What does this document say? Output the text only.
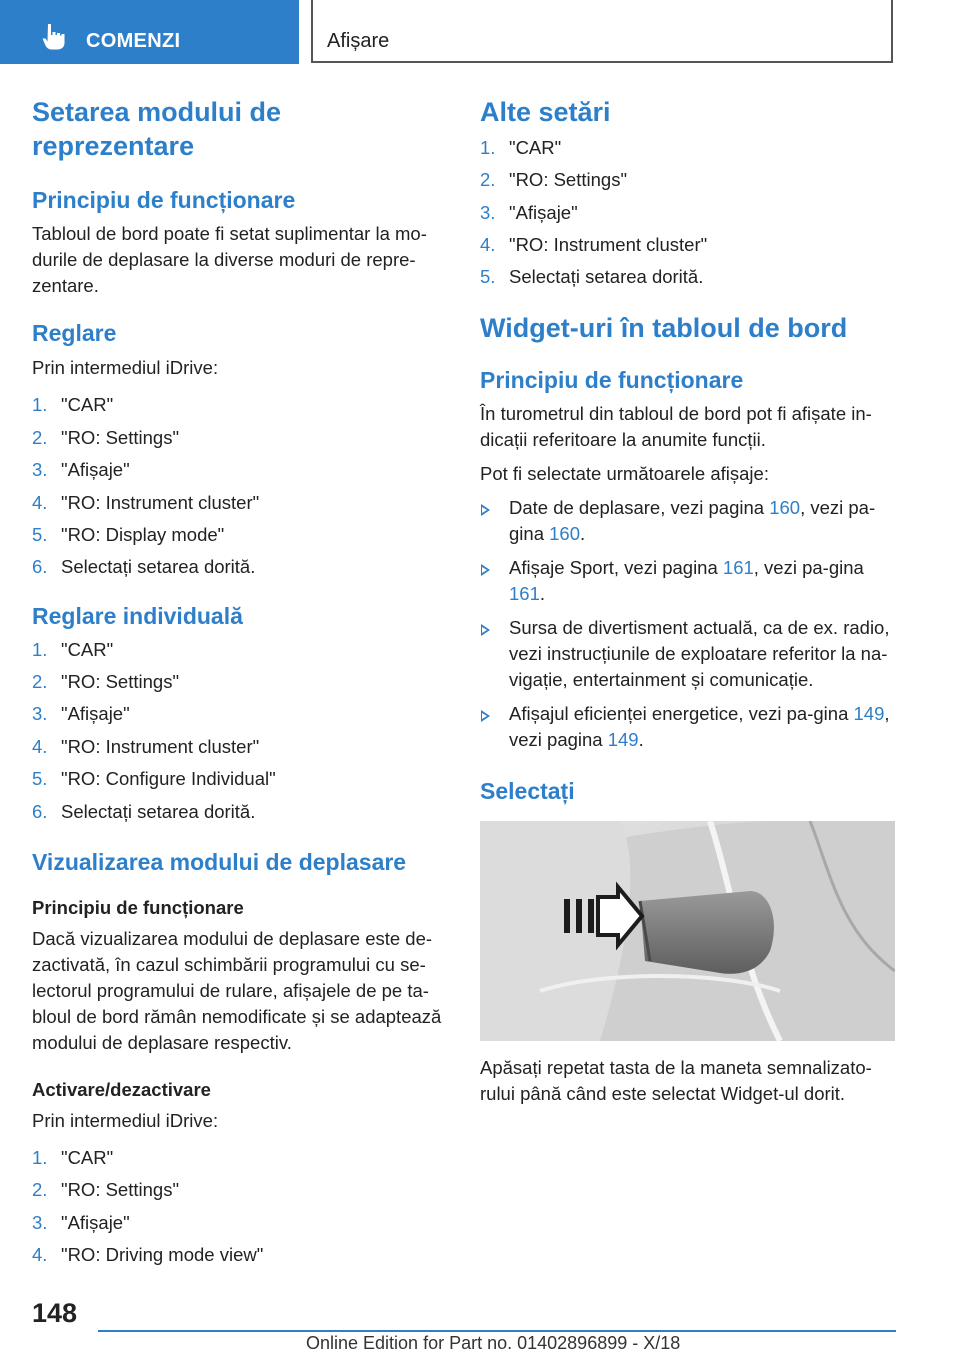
COMENZI	Afișare
Setarea modului de reprezentare
Principiu de funcționare

Tabloul de bord poate fi setat suplimentar la mo-durile de deplasare la diverse moduri de repre-zentare.

Reglare

Prin intermediul iDrive:

1. "CAR"
2. "RO: Settings"
3. "Afișaje"
4. "RO: Instrument cluster"
5. "RO: Display mode"
6. Selectați setarea dorită.
Reglare individuală
1. "CAR"
2. "RO: Settings"
3. "Afișaje"
4. "RO: Instrument cluster"
5. "RO: Configure Individual"
6. Selectați setarea dorită.
Vizualizarea modului de deplasare
Principiu de funcționare

Dacă vizualizarea modului de deplasare este de-zactivată, în cazul schimbării programului cu se-lectorul programului de rulare, afișajele de pe ta-bloul de bord rămân nemodificate și se adaptează modului de deplasare respectiv.

Activare/dezactivare

Prin intermediul iDrive:

1. "CAR"
2. "RO: Settings"
3. "Afișaje"
4. "RO: Driving mode view"
Alte setări
1. "CAR"
2. "RO: Settings"
3. "Afișaje"
4. "RO: Instrument cluster"
5. Selectați setarea dorită.
Widget-uri în tabloul de bord
Principiu de funcționare

În turometrul din tabloul de bord pot fi afișate in-dicații referitoare la anumite funcții.

Pot fi selectate următoarele afișaje:

Date de deplasare, vezi pagina 160, vezi pa-gina 160.
Afișaje Sport, vezi pagina 161, vezi pa-gina 161.
Sursa de divertisment actuală, ca de ex. radio, vezi instrucțiunile de exploatare referitor la na-vigație, entertainment și comunicație.
Afișajul eficienței energetice, vezi pa-gina 149, vezi pagina 149.
Selectați

Apăsați repetat tasta de la maneta semnalizato-rului până când este selectat Widget-ul dorit.

148
Online Edition for Part no. 01402896899 - X/18
